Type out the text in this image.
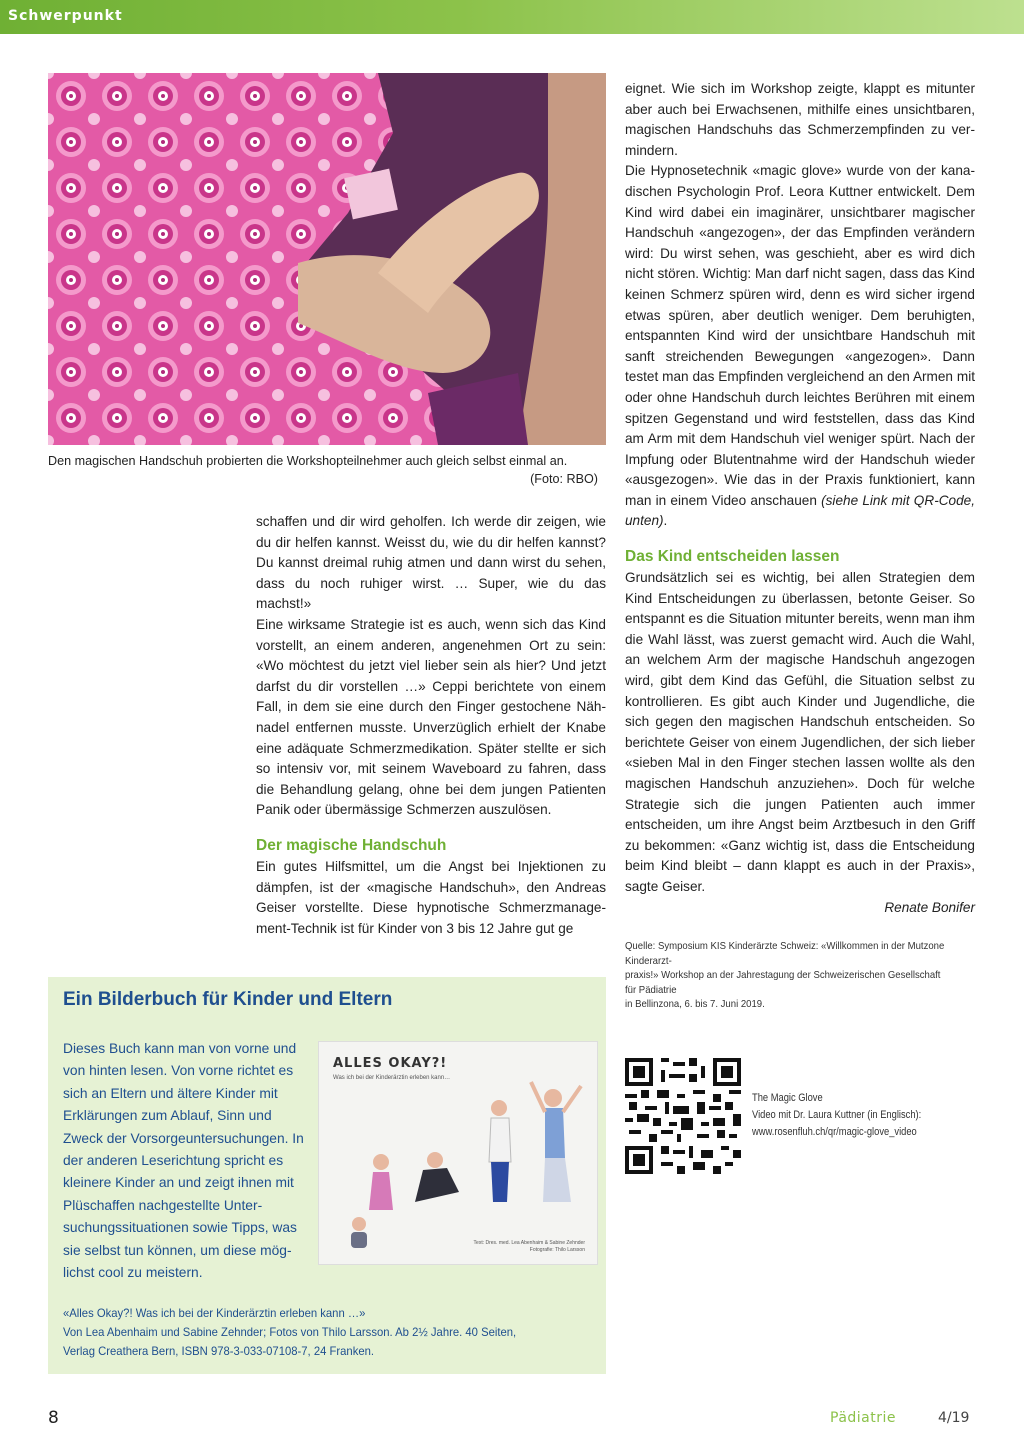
Schwerpunkt
Den magischen Handschuh probierten die Workshopteilnehmer auch gleich selbst einmal an.
(Foto: RBO)

schaffen und dir wird geholfen. Ich werde dir zeigen, wie du dir helfen kannst. Weisst du, wie du dir helfen kannst? Du kannst dreimal ruhig atmen und dann wirst du sehen, dass du noch ruhiger wirst. … Super, wie du das machst!»

Eine wirksame Strategie ist es auch, wenn sich das Kind vorstellt, an einem anderen, angenehmen Ort zu sein: «Wo möchtest du jetzt viel lieber sein als hier? Und jetzt darfst du dir vorstellen …» Ceppi berichtete von einem Fall, in dem sie eine durch den Finger gestochene Nähnadel entfernen musste. Unverzüglich erhielt der Knabe eine adäquate Schmerzmedikation. Später stellte er sich so intensiv vor, mit seinem Waveboard zu fahren, dass die Behandlung gelang, ohne bei dem jungen Patienten Panik oder übermässige Schmerzen auszulösen.

Der magische Handschuh

Ein gutes Hilfsmittel, um die Angst bei Injektionen zu dämpfen, ist der «magische Handschuh», den Andreas Geiser vorstellte. Diese hypnotische Schmerzmanagement-Technik ist für Kinder von 3 bis 12 Jahre gut ge

eignet. Wie sich im Workshop zeigte, klappt es mitunter aber auch bei Erwachsenen, mithilfe eines unsichtbaren, magischen Handschuhs das Schmerzempfinden zu vermindern.

Die Hypnosetechnik «magic glove» wurde von der kanadischen Psychologin Prof. Leora Kuttner entwickelt. Dem Kind wird dabei ein imaginärer, unsichtbarer magischer Handschuh «angezogen», der das Empfinden verändern wird: Du wirst sehen, was geschieht, aber es wird dich nicht stören. Wichtig: Man darf nicht sagen, dass das Kind keinen Schmerz spüren wird, denn es wird sicher irgend etwas spüren, aber deutlich weniger. Dem beruhigten, entspannten Kind wird der unsichtbare Handschuh mit sanft streichenden Bewegungen «angezogen». Dann testet man das Empfinden vergleichend an den Armen mit oder ohne Handschuh durch leichtes Berühren mit einem spitzen Gegenstand und wird feststellen, dass das Kind am Arm mit dem Handschuh viel weniger spürt. Nach der Impfung oder Blutentnahme wird der Handschuh wieder «ausgezogen». Wie das in der Praxis funktioniert, kann man in einem Video anschauen (siehe Link mit QR-Code, unten).

Das Kind entscheiden lassen

Grundsätzlich sei es wichtig, bei allen Strategien dem Kind Entscheidungen zu überlassen, betonte Geiser. So entspannt es die Situation mitunter bereits, wenn man ihm die Wahl lässt, was zuerst gemacht wird. Auch die Wahl, an welchem Arm der magische Handschuh angezogen wird, gibt dem Kind das Gefühl, die Situation selbst zu kontrollieren. Es gibt auch Kinder und Jugendliche, die sich gegen den magischen Handschuh entscheiden. So berichtete Geiser von einem Jugendlichen, der sich lieber «sieben Mal in den Finger stechen lassen wollte als den magischen Handschuh anzuziehen». Doch für welche Strategie sich die jungen Patienten auch immer entscheiden, um ihre Angst beim Arztbesuch in den Griff zu bekommen: «Ganz wichtig ist, dass die Entscheidung beim Kind bleibt – dann klappt es auch in der Praxis», sagte Geiser.

Renate Bonifer

Quelle: Symposium KIS Kinderärzte Schweiz: «Willkommen in der Mutzone Kinderarzt-
praxis!» Workshop an der Jahrestagung der Schweizerischen Gesellschaft für Pädiatrie
in Bellinzona, 6. bis 7. Juni 2019.
Ein Bilderbuch für Kinder und Eltern
Dieses Buch kann man von vorne und von hinten lesen. Von vorne richtet es sich an Eltern und ältere Kinder mit Erklärungen zum Ablauf, Sinn und Zweck der Vorsorgeuntersuchungen. In der anderen Leserichtung spricht es kleinere Kinder an und zeigt ihnen mit Plüschaffen nachgestellte Untersuchungssituationen sowie Tipps, was sie selbst tun können, um diese möglichst cool zu meistern.
ALLES OKAY?!
Was ich bei der Kinderärztin erleben kann…
Text: Dres. med. Lea Abenhaim & Sabine Zehnder
Fotografie: Thilo Larsson
«Alles Okay?! Was ich bei der Kinderärztin erleben kann …»
Von Lea Abenhaim und Sabine Zehnder; Fotos von Thilo Larsson. Ab 2½ Jahre. 40 Seiten,
Verlag Creathera Bern, ISBN 978-3-033-07108-7, 24 Franken.
The Magic Glove
Video mit Dr. Laura Kuttner (in Englisch):
www.rosenfluh.ch/qr/magic-glove_video
8	Pädiatrie	4/19
